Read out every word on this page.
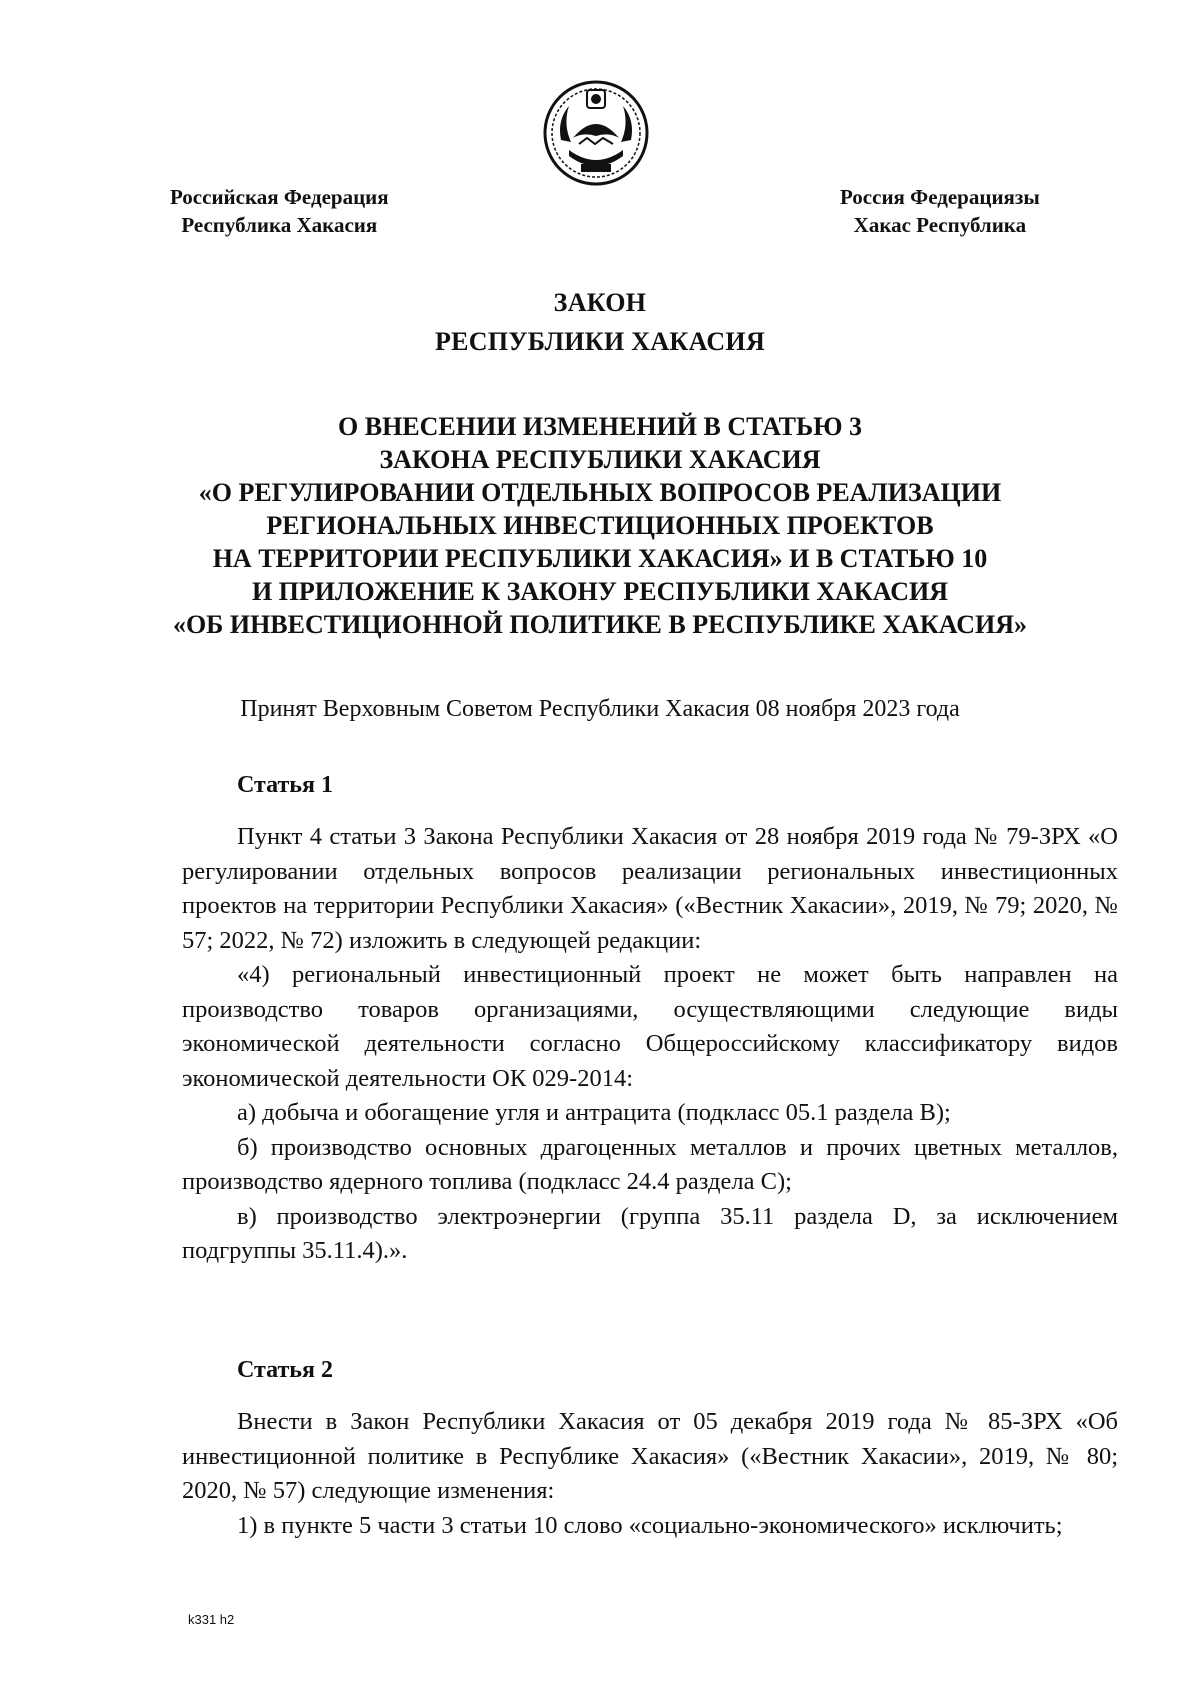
Российская Федерация
Республика Хакасия
Россия Федерациязы
Хакас Республика
ЗАКОН
РЕСПУБЛИКИ ХАКАСИЯ
О ВНЕСЕНИИ ИЗМЕНЕНИЙ В СТАТЬЮ 3
ЗАКОНА РЕСПУБЛИКИ ХАКАСИЯ
«О РЕГУЛИРОВАНИИ ОТДЕЛЬНЫХ ВОПРОСОВ РЕАЛИЗАЦИИ
РЕГИОНАЛЬНЫХ ИНВЕСТИЦИОННЫХ ПРОЕКТОВ
НА ТЕРРИТОРИИ РЕСПУБЛИКИ ХАКАСИЯ» И В СТАТЬЮ 10
И ПРИЛОЖЕНИЕ К ЗАКОНУ РЕСПУБЛИКИ ХАКАСИЯ
«ОБ ИНВЕСТИЦИОННОЙ ПОЛИТИКЕ В РЕСПУБЛИКЕ ХАКАСИЯ»
Принят Верховным Советом Республики Хакасия 08 ноября 2023 года
Статья 1

Пункт 4 статьи 3 Закона Республики Хакасия от 28 ноября 2019 года № 79-ЗРХ «О регулировании отдельных вопросов реализации региональных инвестиционных проектов на территории Республики Хакасия» («Вестник Хакасии», 2019, № 79; 2020, № 57; 2022, № 72) изложить в следующей редакции:

«4) региональный инвестиционный проект не может быть направлен на производство товаров организациями, осуществляющими следующие виды экономической деятельности согласно Общероссийскому классификатору видов экономической деятельности ОК 029-2014:

а) добыча и обогащение угля и антрацита (подкласс 05.1 раздела B);

б) производство основных драгоценных металлов и прочих цветных металлов, производство ядерного топлива (подкласс 24.4 раздела C);

в) производство электроэнергии (группа 35.11 раздела D, за исключением подгруппы 35.11.4).».

Статья 2

Внести в Закон Республики Хакасия от 05 декабря 2019 года № 85-ЗРХ «Об инвестиционной политике в Республике Хакасия» («Вестник Хакасии», 2019, № 80; 2020, № 57) следующие изменения:

1) в пункте 5 части 3 статьи 10 слово «социально-экономического» исключить;

k331 h2
